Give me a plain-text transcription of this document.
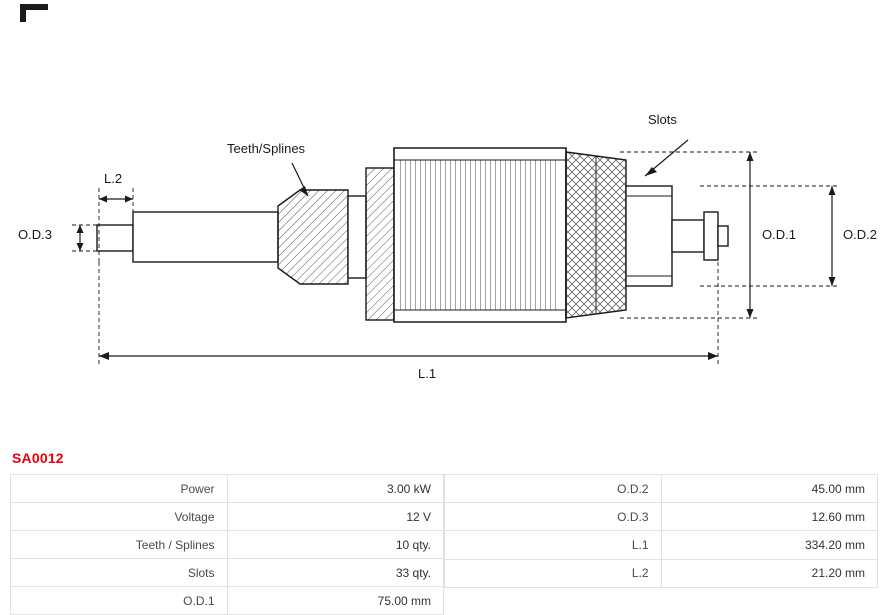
Teeth/Splines
Slots
O.D.1	O.D.2
O.D.3
L.1
L.2
SA0012
Power	3.00 kW
Voltage	12 V
Teeth / Splines	10 qty.
Slots	33 qty.
O.D.1	75.00 mm
O.D.2	45.00 mm
O.D.3	12.60 mm
L.1	334.20 mm
L.2	21.20 mm
